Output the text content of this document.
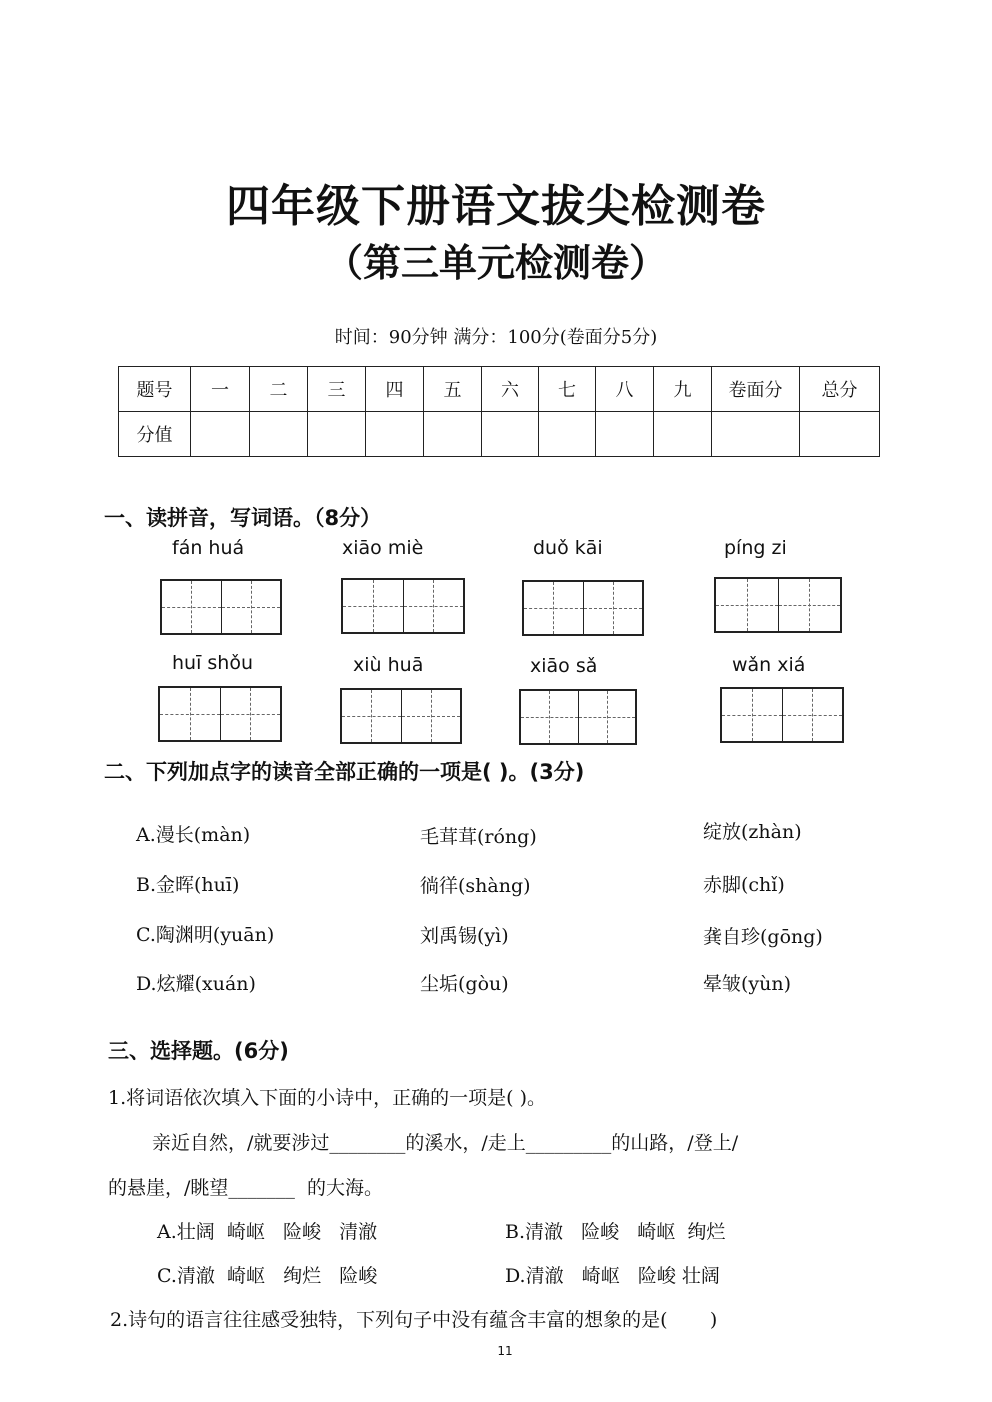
四年级下册语文拔尖检测卷
（第三单元检测卷）
时间：90分钟 满分：100分(卷面分5分)
题号	一	二	三	四	五	六	七	八	九	卷面分	总分
分值											
一、读拼音，写词语。（8分）
fán huá	xiāo miè	duǒ kāi	píng zi
huī shǒu	xiù huā	xiāo sǎ	wǎn xiá
二、下列加点字的读音全部正确的一项是( )。(3分)
A.漫长(màn)	毛茸茸(róng)	绽放(zhàn)
B.金晖(huī)	徜徉(shàng)	赤脚(chǐ)
C.陶渊明(yuān)	刘禹锡(yì)	龚自珍(gōng)
D.炫耀(xuán)	尘垢(gòu)	晕皱(yùn)
三、选择题。(6分)
1.将词语依次填入下面的小诗中，正确的一项是( )。
亲近自然，/就要涉过________的溪水，/走上_________的山路，/登上/
的悬崖，/眺望_______  的大海。
A.壮阔  崎岖   险峻   清澈	B.清澈   险峻   崎岖  绚烂
C.清澈  崎岖   绚烂   险峻	D.清澈   崎岖   险峻 壮阔
2.诗句的语言往往感受独特，下列句子中没有蕴含丰富的想象的是(       )
11
